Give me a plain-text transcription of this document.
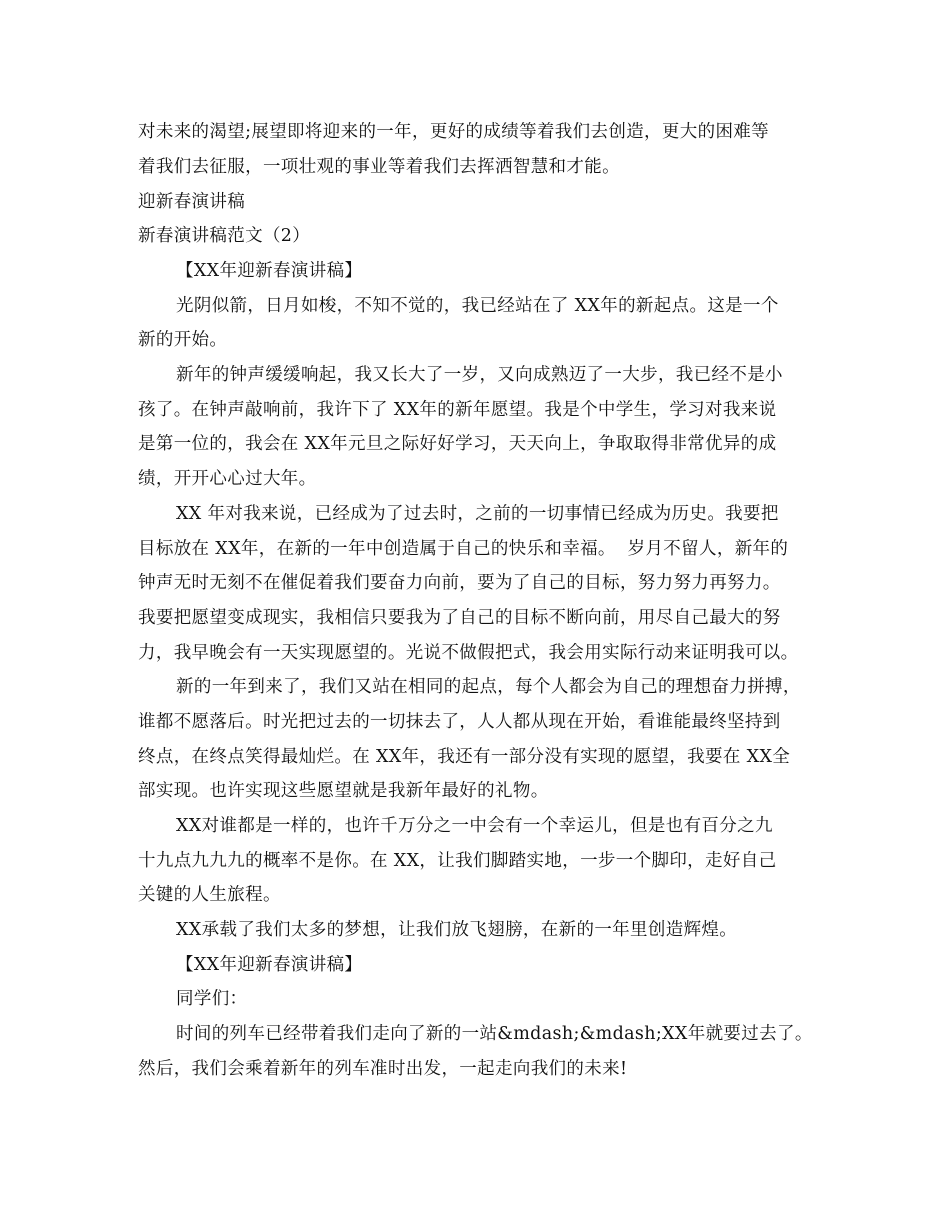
对未来的渴望;展望即将迎来的一年，更好的成绩等着我们去创造，更大的困难等

着我们去征服，一项壮观的事业等着我们去挥洒智慧和才能。

迎新春演讲稿

新春演讲稿范文（2）

【XX年迎新春演讲稿】

光阴似箭，日月如梭，不知不觉的，我已经站在了 XX年的新起点。这是一个

新的开始。

新年的钟声缓缓响起，我又长大了一岁，又向成熟迈了一大步，我已经不是小

孩了。在钟声敲响前，我许下了 XX年的新年愿望。我是个中学生，学习对我来说

是第一位的，我会在 XX年元旦之际好好学习，天天向上，争取取得非常优异的成

绩，开开心心过大年。

XX 年对我来说，已经成为了过去时，之前的一切事情已经成为历史。我要把

目标放在 XX年，在新的一年中创造属于自己的快乐和幸福。  岁月不留人，新年的

钟声无时无刻不在催促着我们要奋力向前，要为了自己的目标，努力努力再努力。

我要把愿望变成现实，我相信只要我为了自己的目标不断向前，用尽自己最大的努

力，我早晚会有一天实现愿望的。光说不做假把式，我会用实际行动来证明我可以。

新的一年到来了，我们又站在相同的起点，每个人都会为自己的理想奋力拼搏，

谁都不愿落后。时光把过去的一切抹去了，人人都从现在开始，看谁能最终坚持到

终点，在终点笑得最灿烂。在 XX年，我还有一部分没有实现的愿望，我要在 XX全

部实现。也许实现这些愿望就是我新年最好的礼物。

XX对谁都是一样的，也许千万分之一中会有一个幸运儿，但是也有百分之九

十九点九九九的概率不是你。在 XX，让我们脚踏实地，一步一个脚印，走好自己

关键的人生旅程。

XX承载了我们太多的梦想，让我们放飞翅膀，在新的一年里创造辉煌。

【XX年迎新春演讲稿】

同学们：

时间的列车已经带着我们走向了新的一站&mdash;&mdash;XX年就要过去了。

然后，我们会乘着新年的列车准时出发，一起走向我们的未来!
